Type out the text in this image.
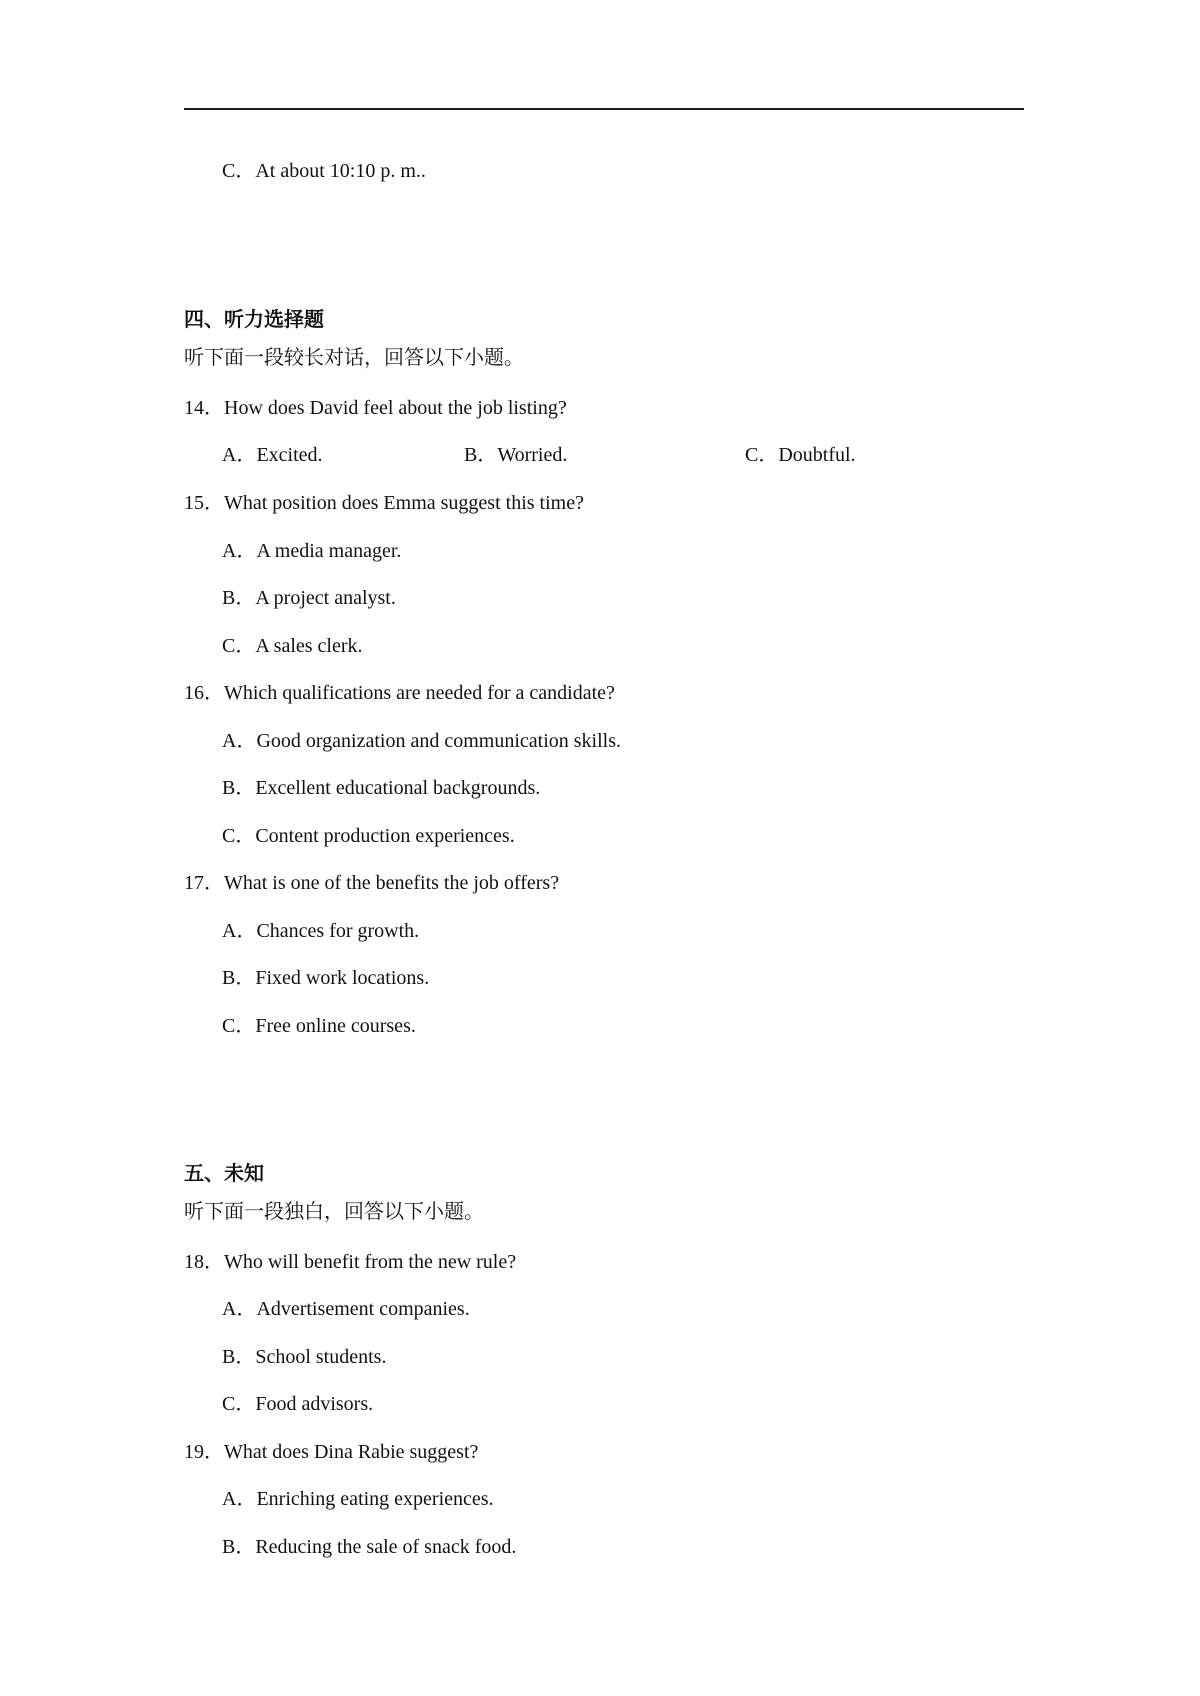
C．At about 10:10 p. m..
四、听力选择题
听下面一段较长对话，回答以下小题。
14．How does David feel about the job listing?
A．Excited.	B．Worried.	C．Doubtful.
15．What position does Emma suggest this time?
A．A media manager.
B．A project analyst.
C．A sales clerk.
16．Which qualifications are needed for a candidate?
A．Good organization and communication skills.
B．Excellent educational backgrounds.
C．Content production experiences.
17．What is one of the benefits the job offers?
A．Chances for growth.
B．Fixed work locations.
C．Free online courses.
五、未知
听下面一段独白，回答以下小题。
18．Who will benefit from the new rule?
A．Advertisement companies.
B．School students.
C．Food advisors.
19．What does Dina Rabie suggest?
A．Enriching eating experiences.
B．Reducing the sale of snack food.
